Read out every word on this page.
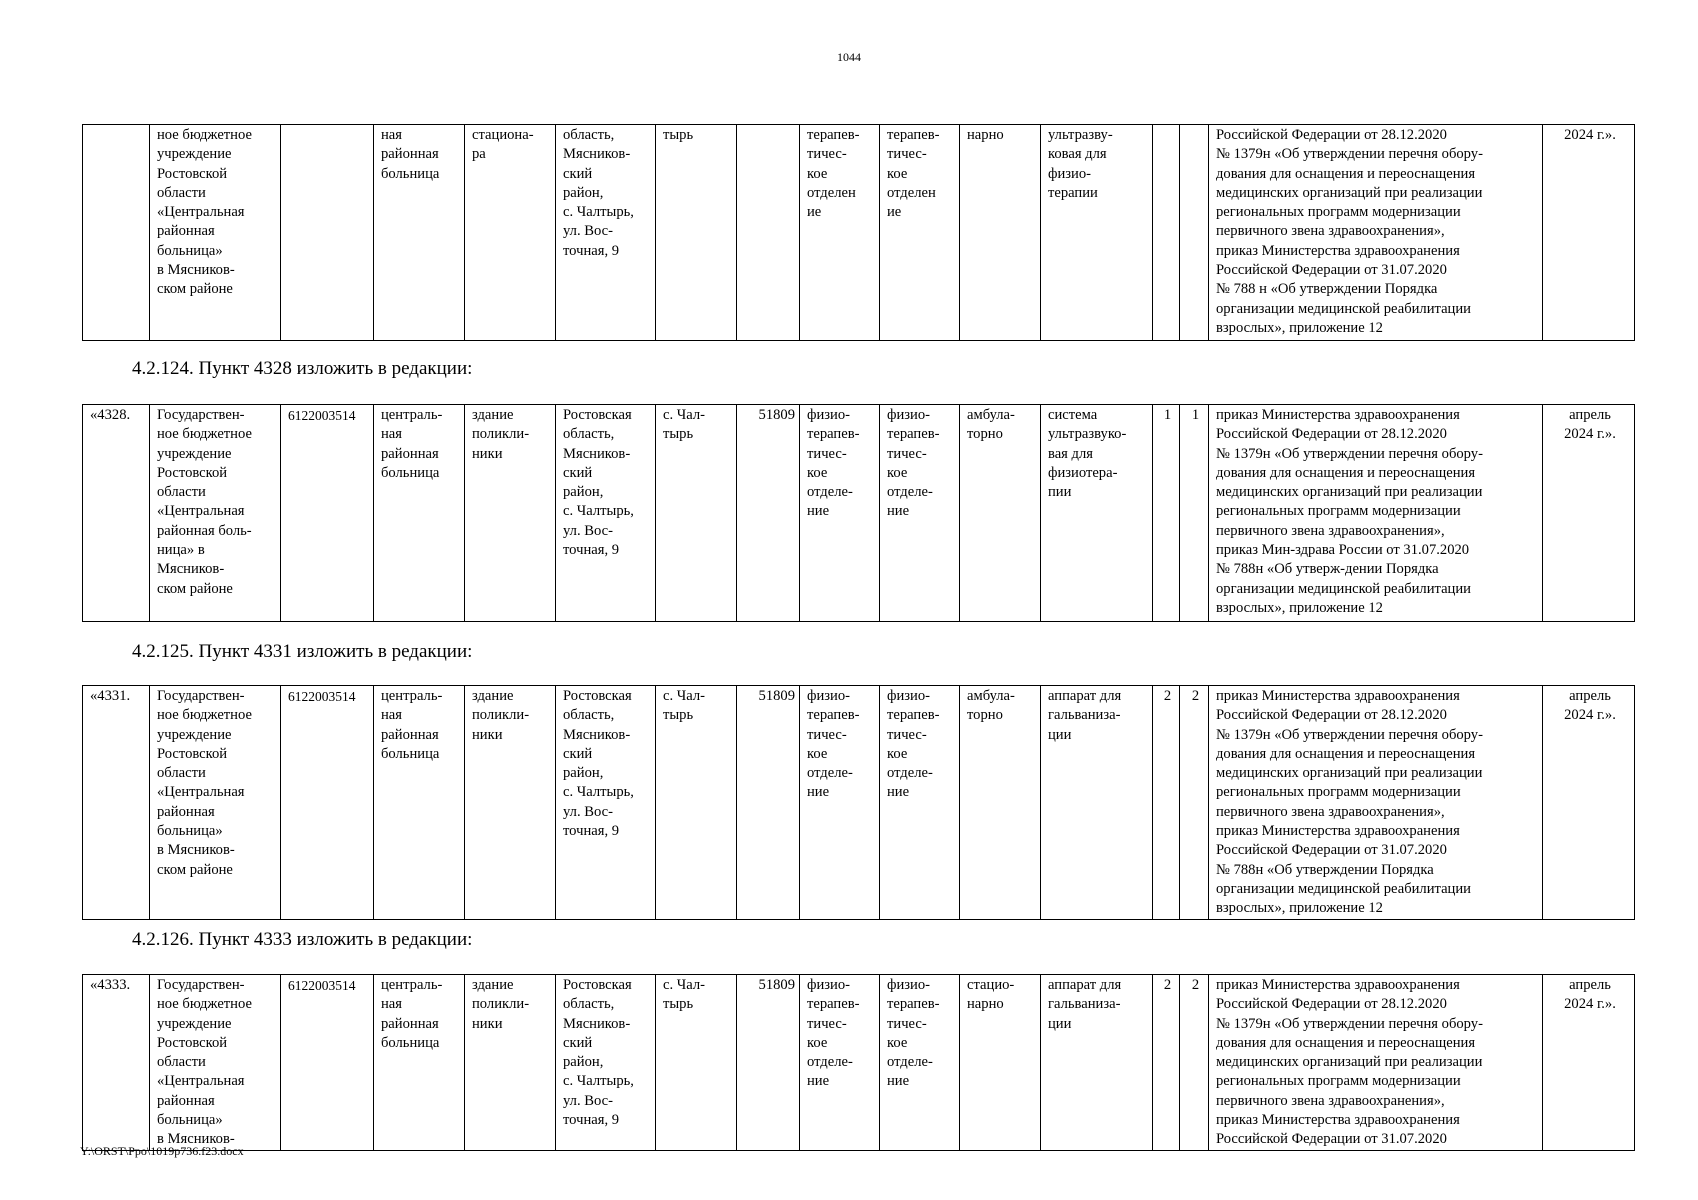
1044
	ное бюджетное
учреждение
Ростовской
области
«Центральная
районная
больница»
в Мясников-
ском районе		ная
районная
больница	стациона-
ра	область,
Мясников-
ский
район,
с. Чалтырь,
ул. Вос-
точная, 9	тырь		терапев-
тичес-
кое
отделен
ие	терапев-
тичес-
кое
отделен
ие	нарно	ультразву-
ковая для
физио-
терапии			Российской Федерации от 28.12.2020
№ 1379н «Об утверждении перечня обору-
дования для оснащения и переоснащения
медицинских организаций при реализации
региональных программ модернизации
первичного звена здравоохранения»,
приказ Министерства здравоохранения
Российской Федерации от 31.07.2020
№ 788 н «Об утверждении Порядка
организации медицинской реабилитации
взрослых», приложение 12	2024 г.».
4.2.124. Пункт 4328 изложить в редакции:
«4328.	Государствен-
ное бюджетное
учреждение
Ростовской
области
«Центральная
районная боль-
ница» в
Мясников-
ском районе	6122003514	централь-
ная
районная
больница	здание
поликли-
ники	Ростовская
область,
Мясников-
ский
район,
с. Чалтырь,
ул. Вос-
точная, 9	с. Чал-
тырь	51809	физио-
терапев-
тичес-
кое
отделе-
ние	физио-
терапев-
тичес-
кое
отделе-
ние	амбула-
торно	система
ультразвуко-
вая для
физиотера-
пии	1	1	приказ Министерства здравоохранения
Российской Федерации от 28.12.2020
№ 1379н «Об утверждении перечня обору-
дования для оснащения и переоснащения
медицинских организаций при реализации
региональных программ модернизации
первичного звена здравоохранения»,
приказ Мин-здрава России от 31.07.2020
№ 788н «Об утверж-дении Порядка
организации медицинской реабилитации
взрослых», приложение 12	апрель
2024 г.».
4.2.125. Пункт 4331 изложить в редакции:
«4331.	Государствен-
ное бюджетное
учреждение
Ростовской
области
«Центральная
районная
больница»
в Мясников-
ском районе	6122003514	централь-
ная
районная
больница	здание
поликли-
ники	Ростовская
область,
Мясников-
ский
район,
с. Чалтырь,
ул. Вос-
точная, 9	с. Чал-
тырь	51809	физио-
терапев-
тичес-
кое
отделе-
ние	физио-
терапев-
тичес-
кое
отделе-
ние	амбула-
торно	аппарат для
гальваниза-
ции	2	2	приказ Министерства здравоохранения
Российской Федерации от 28.12.2020
№ 1379н «Об утверждении перечня обору-
дования для оснащения и переоснащения
медицинских организаций при реализации
региональных программ модернизации
первичного звена здравоохранения»,
приказ Министерства здравоохранения
Российской Федерации от 31.07.2020
№ 788н «Об утверждении Порядка
организации медицинской реабилитации
взрослых», приложение 12	апрель
2024 г.».
4.2.126. Пункт 4333 изложить в редакции:
«4333.	Государствен-
ное бюджетное
учреждение
Ростовской
области
«Центральная
районная
больница»
в Мясников-	6122003514	централь-
ная
районная
больница	здание
поликли-
ники	Ростовская
область,
Мясников-
ский
район,
с. Чалтырь,
ул. Вос-
точная, 9	с. Чал-
тырь	51809	физио-
терапев-
тичес-
кое
отделе-
ние	физио-
терапев-
тичес-
кое
отделе-
ние	стацио-
нарно	аппарат для
гальваниза-
ции	2	2	приказ Министерства здравоохранения
Российской Федерации от 28.12.2020
№ 1379н «Об утверждении перечня обору-
дования для оснащения и переоснащения
медицинских организаций при реализации
региональных программ модернизации
первичного звена здравоохранения»,
приказ Министерства здравоохранения
Российской Федерации от 31.07.2020	апрель
2024 г.».
Y:\ORST\Ppo\1019p736.f23.docx
